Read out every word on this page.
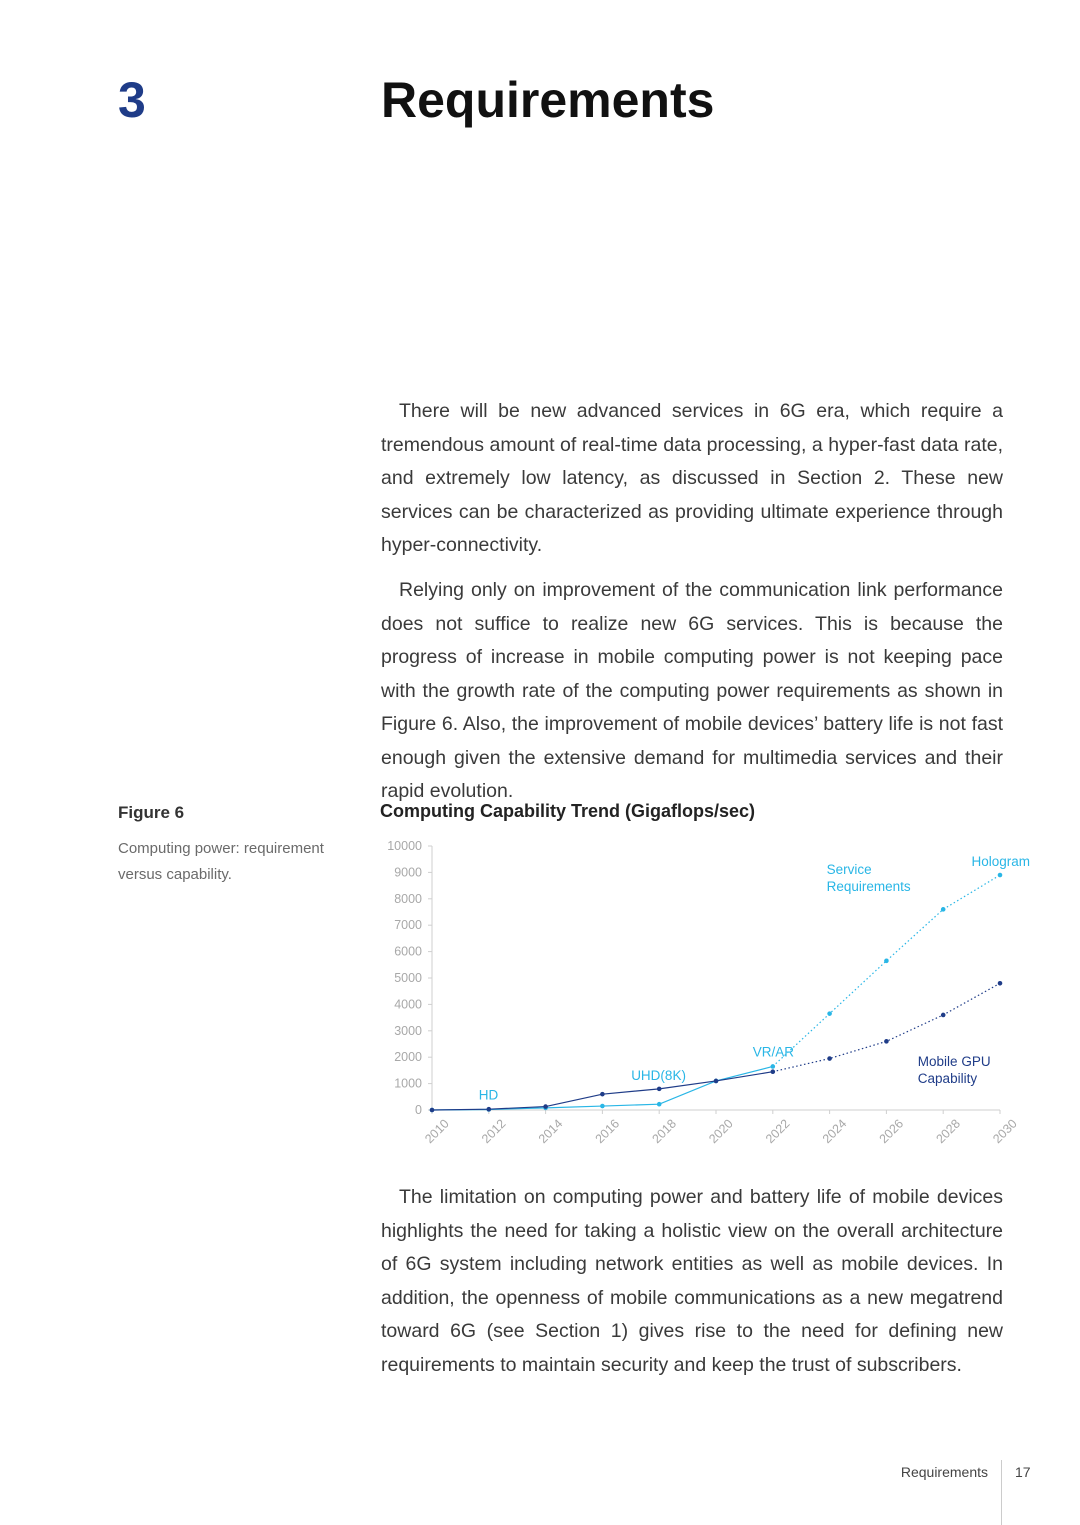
3	Requirements

There will be new advanced services in 6G era, which require a tremendous amount of real-time data processing, a hyper-fast data rate, and extremely low latency, as discussed in Section 2. These new services can be characterized as providing ultimate experience through hyper-connectivity.

Relying only on improvement of the communication link performance does not suffice to realize new 6G services. This is because the progress of increase in mobile computing power is not keeping pace with the growth rate of the computing power requirements as shown in Figure 6. Also, the improvement of mobile devices’ battery life is not fast enough given the extensive demand for multimedia services and their rapid evolution.

Figure 6
Computing power: requirement versus capability.
Computing Capability Trend (Gigaflops/sec)
0
1000
2000
3000
4000
5000
6000
7000
8000
9000
10000
2010 2012 2014 2016 2018 2020 2022 2024 2026 2028 2030
HD
UHD(8K)
VR/AR
Hologram
Service
Requirements
Mobile GPU
Capability

The limitation on computing power and battery life of mobile devices highlights the need for taking a holistic view on the overall architecture of 6G system including network entities as well as mobile devices. In addition, the openness of mobile communications as a new megatrend toward 6G (see Section 1) gives rise to the need for defining new requirements to maintain security and keep the trust of subscribers.

Requirements 17
